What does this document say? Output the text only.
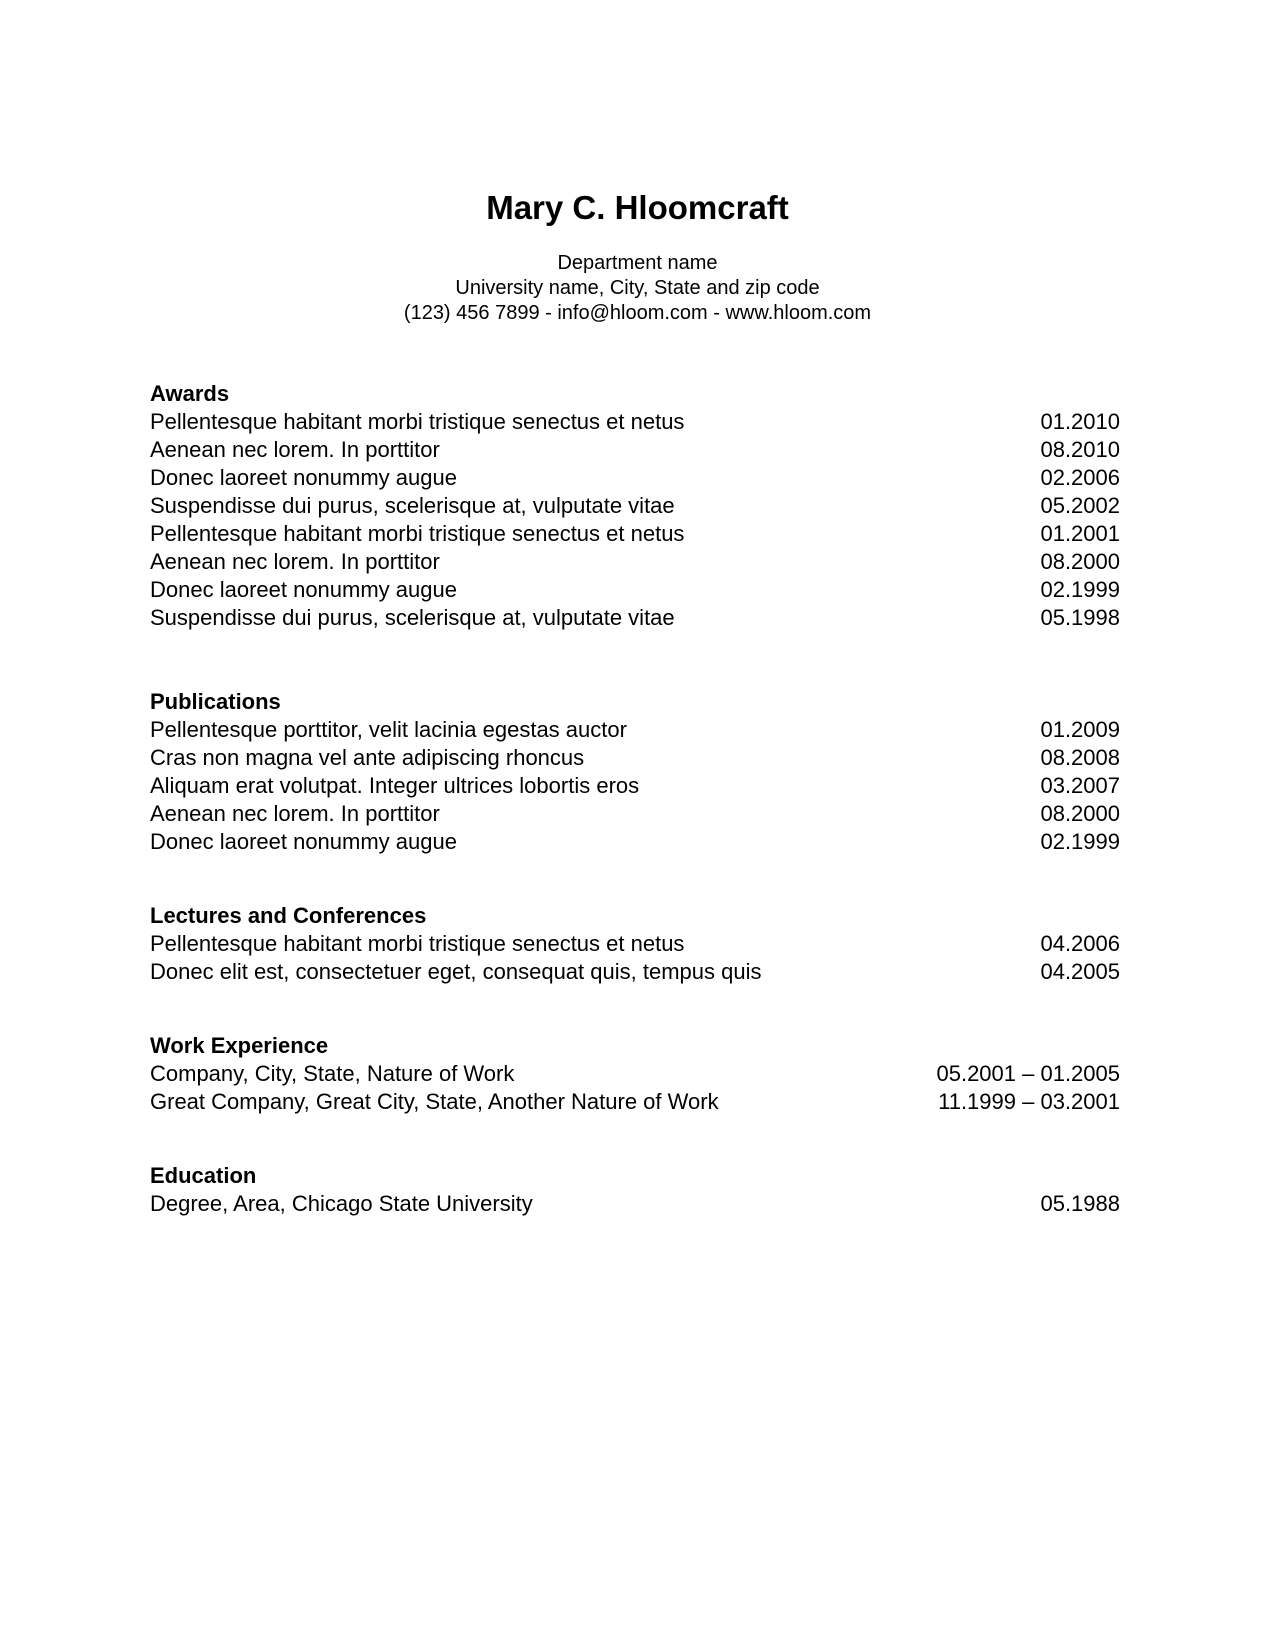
Mary C. Hloomcraft
Department name
University name, City, State and zip code
(123) 456 7899 - info@hloom.com - www.hloom.com
Awards
Pellentesque habitant morbi tristique senectus et netus	01.2010
Aenean nec lorem. In porttitor	08.2010
Donec laoreet nonummy augue	02.2006
Suspendisse dui purus, scelerisque at, vulputate vitae	05.2002
Pellentesque habitant morbi tristique senectus et netus	01.2001
Aenean nec lorem. In porttitor	08.2000
Donec laoreet nonummy augue	02.1999
Suspendisse dui purus, scelerisque at, vulputate vitae	05.1998
Publications
Pellentesque porttitor, velit lacinia egestas auctor	01.2009
Cras non magna vel ante adipiscing rhoncus	08.2008
Aliquam erat volutpat. Integer ultrices lobortis eros	03.2007
Aenean nec lorem. In porttitor	08.2000
Donec laoreet nonummy augue	02.1999
Lectures and Conferences
Pellentesque habitant morbi tristique senectus et netus	04.2006
Donec elit est, consectetuer eget, consequat quis, tempus quis	04.2005
Work Experience
Company, City, State, Nature of Work	05.2001 – 01.2005
Great Company, Great City, State, Another Nature of Work	11.1999 – 03.2001
Education
Degree, Area, Chicago State University	05.1988
